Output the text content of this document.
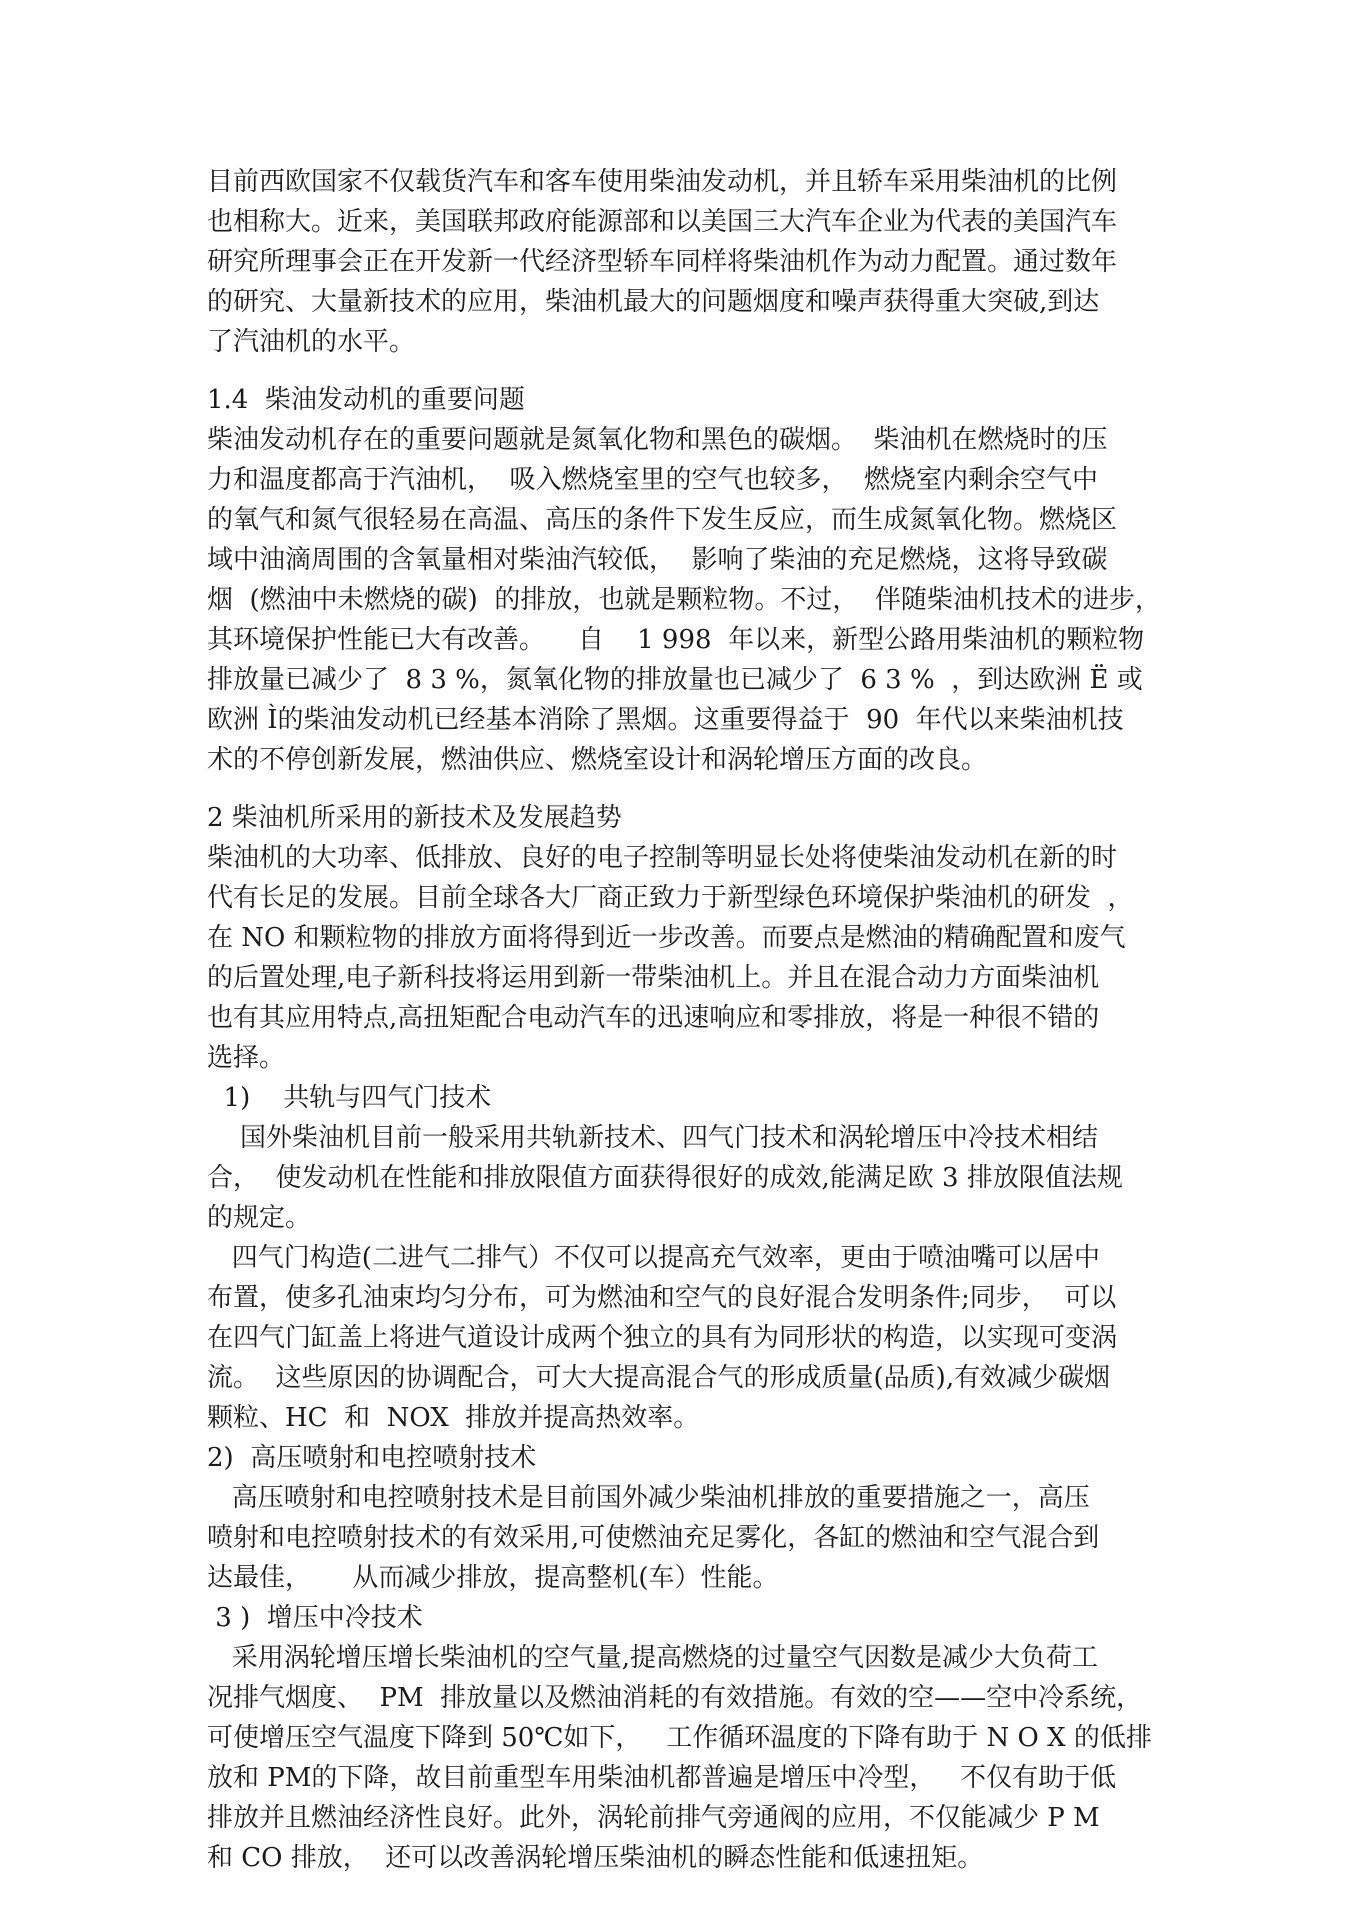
目前西欧国家不仅载货汽车和客车使用柴油发动机，并且轿车采用柴油机的比例
也相称大。近来，美国联邦政府能源部和以美国三大汽车企业为代表的美国汽车
研究所理事会正在开发新一代经济型轿车同样将柴油机作为动力配置。通过数年
的研究、大量新技术的应用，柴油机最大的问题烟度和噪声获得重大突破,到达
了汽油机的水平。
1.4  柴油发动机的重要问题
柴油发动机存在的重要问题就是氮氧化物和黑色的碳烟。  柴油机在燃烧时的压
力和温度都高于汽油机，  吸入燃烧室里的空气也较多，  燃烧室内剩余空气中
的氧气和氮气很轻易在高温、高压的条件下发生反应，而生成氮氧化物。燃烧区
域中油滴周围的含氧量相对柴油汽较低，  影响了柴油的充足燃烧，这将导致碳
烟  (燃油中未燃烧的碳)  的排放，也就是颗粒物。不过，  伴随柴油机技术的进步，
其环境保护性能已大有改善。    自    1 998  年以来，新型公路用柴油机的颗粒物
排放量已减少了  8 3 %，氮氧化物的排放量也已减少了  6 3 %  ，到达欧洲 Ë 或
欧洲 Ì的柴油发动机已经基本消除了黑烟。这重要得益于  90  年代以来柴油机技
术的不停创新发展，燃油供应、燃烧室设计和涡轮增压方面的改良。
2 柴油机所采用的新技术及发展趋势
柴油机的大功率、低排放、良好的电子控制等明显长处将使柴油发动机在新的时
代有长足的发展。目前全球各大厂商正致力于新型绿色环境保护柴油机的研发  ，
在 NO 和颗粒物的排放方面将得到近一步改善。而要点是燃油的精确配置和废气
的后置处理,电子新科技将运用到新一带柴油机上。并且在混合动力方面柴油机
也有其应用特点,高扭矩配合电动汽车的迅速响应和零排放，将是一种很不错的
选择。
1)    共轨与四气门技术
国外柴油机目前一般采用共轨新技术、四气门技术和涡轮增压中冷技术相结
合，  使发动机在性能和排放限值方面获得很好的成效,能满足欧 3 排放限值法规
的规定。
四气门构造(二进气二排气）不仅可以提高充气效率，更由于喷油嘴可以居中
布置，使多孔油束均匀分布，可为燃油和空气的良好混合发明条件;同步，  可以
在四气门缸盖上将进气道设计成两个独立的具有为同形状的构造，以实现可变涡
流。  这些原因的协调配合，可大大提高混合气的形成质量(品质),有效减少碳烟
颗粒、HC  和  NOX  排放并提高热效率。
2)  高压喷射和电控喷射技术
高压喷射和电控喷射技术是目前国外减少柴油机排放的重要措施之一，高压
喷射和电控喷射技术的有效采用,可使燃油充足雾化，各缸的燃油和空气混合到
达最佳，     从而减少排放，提高整机(车）性能。
3 )  增压中冷技术
采用涡轮增压增长柴油机的空气量,提高燃烧的过量空气因数是减少大负荷工
况排气烟度、  PM  排放量以及燃油消耗的有效措施。有效的空——空中冷系统，
可使增压空气温度下降到 50℃如下，   工作循环温度的下降有助于 N O X 的低排
放和 PM的下降，故目前重型车用柴油机都普遍是增压中冷型，   不仅有助于低
排放并且燃油经济性良好。此外，涡轮前排气旁通阀的应用，不仅能减少 P M
和 CO 排放，  还可以改善涡轮增压柴油机的瞬态性能和低速扭矩。
